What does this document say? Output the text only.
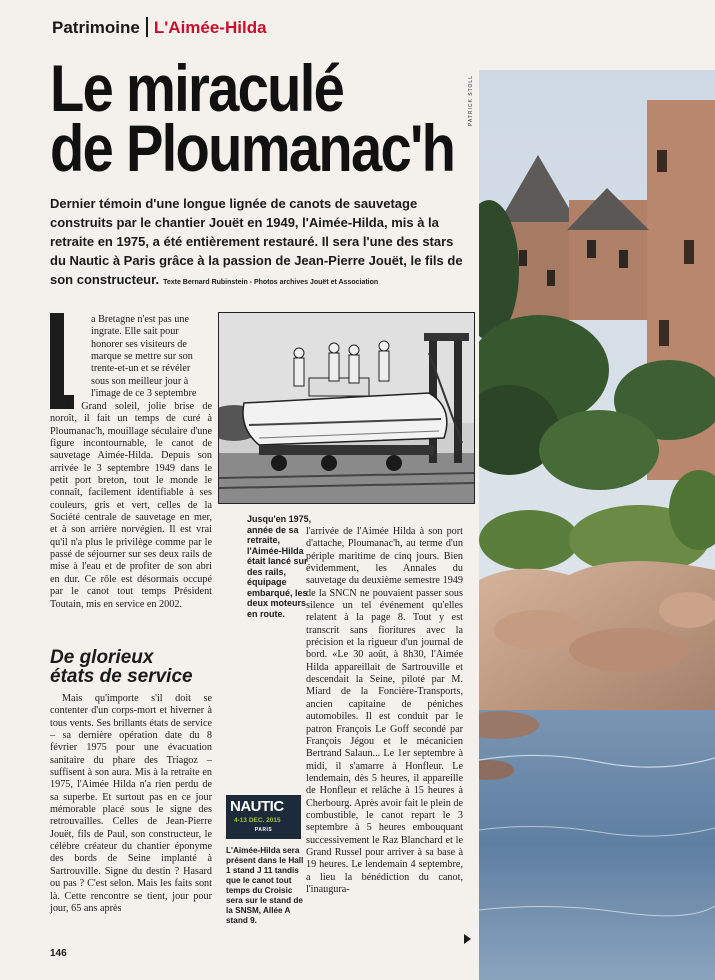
Patrimoine L'Aimée-Hilda
Le miraculé
de Ploumanac'h
PATRICK STOLL
Dernier témoin d'une longue lignée de canots de sauvetage construits par le chantier Jouët en 1949, l'Aimée-Hilda, mis à la retraite en 1975, a été entièrement restauré. Il sera l'une des stars du Nautic à Paris grâce à la passion de Jean-Pierre Jouët, le fils de son constructeur. Texte Bernard Rubinstein - Photos archives Jouët et Association
a Bretagne n'est pas une
ingrate. Elle sait pour
honorer ses visiteurs de
marque se mettre sur son
trente-et-un et se révéler
sous son meilleur jour à
l'image de ce 3 septembre

2014. Grand soleil, jolie brise de noroît, il fait un temps de curé à Ploumanac'h, mouillage séculaire d'une figure incontournable, le canot de sauvetage Aimée-Hilda. Depuis son arrivée le 3 septembre 1949 dans le petit port breton, tout le monde le connaît, facilement identifiable à ses couleurs, gris et vert, celles de la Société centrale de sauvetage en mer, et à son arrière norvégien. Il est vrai qu'il n'a plus le privilège comme par le passé de séjourner sur ses deux rails de mise à l'eau et de profiter de son abri en dur. Ce rôle est désormais occupé par le canot tout temps Président Toutain, mis en service en 2002.

De glorieux
états de service

Mais qu'importe s'il doit se contenter d'un corps-mort et hiverner à tous vents. Ses brillants états de service – sa dernière opération date du 8 février 1975 pour une évacuation sanitaire du phare des Triagoz – suffisent à son aura. Mis à la retraite en 1975, l'Aimée Hilda n'a rien perdu de sa superbe. Et surtout pas en ce jour mémorable placé sous le signe des retrouvailles. Celles de Jean-Pierre Jouët, fils de Paul, son constructeur, le célèbre créateur du chantier éponyme des bords de Seine implanté à Sartrouville. Signe du destin ? Hasard ou pas ? C'est selon. Mais les faits sont là. Cette rencontre se tient, jour pour jour, 65 ans après

Jusqu'en 1975, année de sa retraite, l'Aimée-Hilda était lancé sur des rails, équipage embarqué, les deux moteurs en route.

l'arrivée de l'Aimée Hilda à son port d'attache, Ploumanac'h, au terme d'un périple maritime de cinq jours. Bien évidemment, les Annales du sauvetage du deuxième semestre 1949 de la SNCN ne pouvaient passer sous silence un tel événement qu'elles relatent à la page 8. Tout y est transcrit sans fioritures avec la précision et la rigueur d'un journal de bord. «Le 30 août, à 8h30, l'Aimée Hilda appareillait de Sartrouville et descendait la Seine, piloté par M. Miard de la Foncière-Transports, ancien capitaine de péniches automobiles. Il est conduit par le patron François Le Goff secondé par François Jégou et le mécanicien Bertrand Salaun... Le 1er septembre à midi, il s'amarre à Honfleur. Le lendemain, dès 5 heures, il appareille de Honfleur et relâche à 15 heures à Cherbourg. Après avoir fait le plein de combustible, le canot repart le 3 septembre à 5 heures embouquant successivement le Raz Blanchard et le Grand Russel pour arriver à sa base à 19 heures. Le lendemain 4 septembre, a lieu la bénédiction du canot, l'inaugura-

NAUTIC
4-13 DEC. 2015
PARIS
L'Aimée-Hilda sera présent dans le Hall 1 stand J 11 tandis que le canot tout temps du Croisic sera sur le stand de la SNSM, Allée A stand 9.
146
